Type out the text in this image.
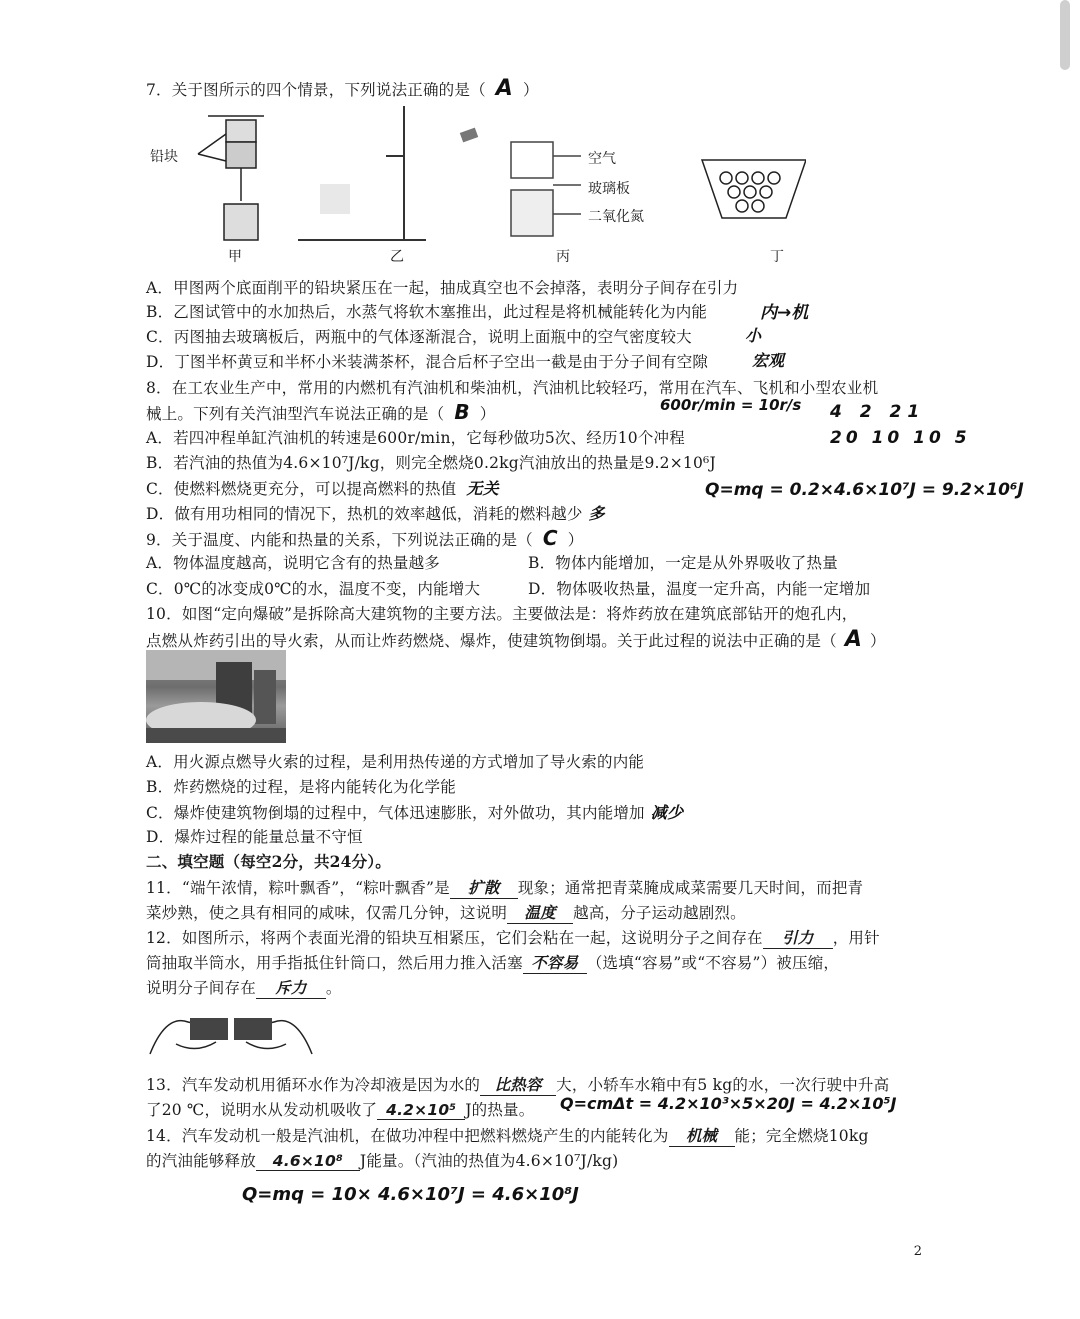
7．关于图所示的四个情景，下列说法正确的是（ A ）
铅块	空气
玻璃板
二氧化氮
甲	乙	丙	丁
A．甲图两个底面削平的铅块紧压在一起，抽成真空也不会掉落，表明分子间存在引力
B．乙图试管中的水加热后，水蒸气将软木塞推出，此过程是将机械能转化为内能	内→机
C．丙图抽去玻璃板后，两瓶中的气体逐渐混合，说明上面瓶中的空气密度较大	小
D．丁图半杯黄豆和半杯小米装满茶杯，混合后杯子空出一截是由于分子间有空隙	宏观
8．在工农业生产中，常用的内燃机有汽油机和柴油机，汽油机比较轻巧，常用在汽车、飞机和小型农业机
械上。下列有关汽油型汽车说法正确的是（ B ）	600r/min = 10r/s 4 2 21
20 10 10 5
A．若四冲程单缸汽油机的转速是600r/min，它每秒做功5次、经历10个冲程
B．若汽油的热值为4.6×10⁷J/kg，则完全燃烧0.2kg汽油放出的热量是9.2×10⁶J
C．使燃料燃烧更充分，可以提高燃料的热值 无关	Q=mq = 0.2×4.6×10⁷J = 9.2×10⁶J
D．做有用功相同的情况下，热机的效率越低，消耗的燃料越少 多
9．关于温度、内能和热量的关系，下列说法正确的是（ C ）
A．物体温度越高，说明它含有的热量越多	B．物体内能增加，一定是从外界吸收了热量
C．0℃的冰变成0℃的水，温度不变，内能增大	D．物体吸收热量，温度一定升高，内能一定增加
10．如图“定向爆破”是拆除高大建筑物的主要方法。主要做法是：将炸药放在建筑底部钻开的炮孔内，
点燃从炸药引出的导火索，从而让炸药燃烧、爆炸，使建筑物倒塌。关于此过程的说法中正确的是（ A ）
A．用火源点燃导火索的过程，是利用热传递的方式增加了导火索的内能
B．炸药燃烧的过程，是将内能转化为化学能
C．爆炸使建筑物倒塌的过程中，气体迅速膨胀，对外做功，其内能增加 减少
D．爆炸过程的能量总量不守恒
二、填空题（每空2分，共24分）。
11．“端午浓情，粽叶飘香”，“粽叶飘香”是 扩散 现象；通常把青菜腌成咸菜需要几天时间，而把青
菜炒熟，使之具有相同的咸味，仅需几分钟，这说明 温度 越高，分子运动越剧烈。
12．如图所示，将两个表面光滑的铅块互相紧压，它们会粘在一起，这说明分子之间存在 引力 ，用针
筒抽取半筒水，用手指抵住针筒口，然后用力推入活塞 不容易 （选填“容易”或“不容易”）被压缩，
说明分子间存在 斥力 。
13．汽车发动机用循环水作为冷却液是因为水的 比热容 大，小轿车水箱中有5 kg的水，一次行驶中升高
了20 ℃，说明水从发动机吸收了 4.2×10⁵ J的热量。 Q=cmΔt = 4.2×10³×5×20J = 4.2×10⁵J
14．汽车发动机一般是汽油机，在做功冲程中把燃料燃烧产生的内能转化为 机械 能；完全燃烧10kg
的汽油能够释放 4.6×10⁸ J能量。（汽油的热值为4.6×10⁷J/kg)
Q=mq = 10× 4.6×10⁷J = 4.6×10⁸J
2
